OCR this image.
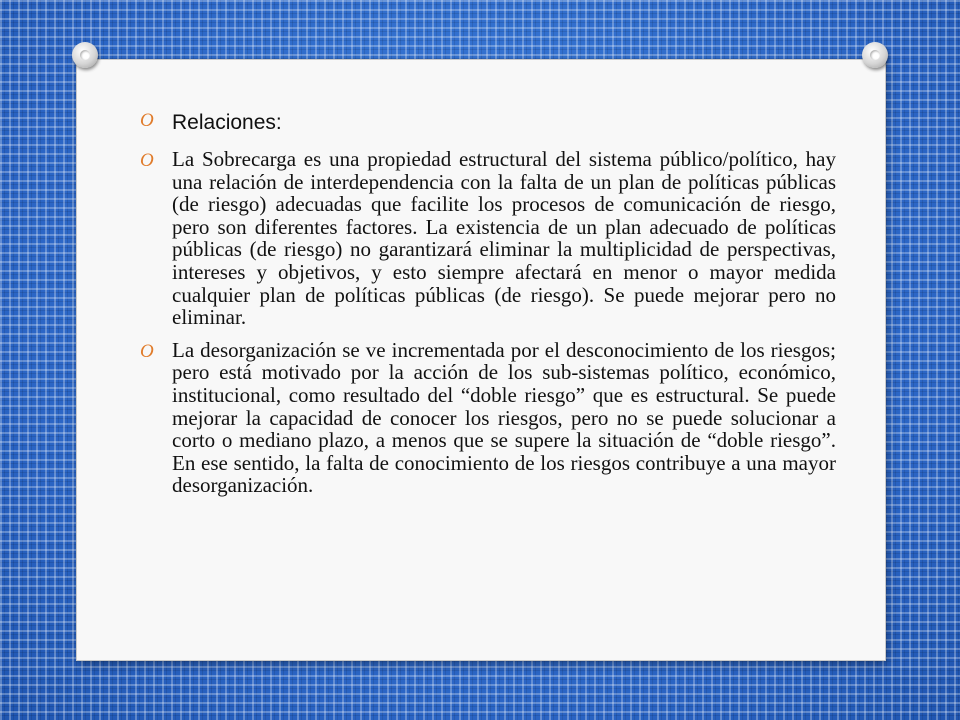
O Relaciones:
O La Sobrecarga es una propiedad estructural del sistema público/político, hay una relación de interdependencia con la falta de un plan de políticas públicas (de riesgo) adecuadas que facilite los procesos de comunicación de riesgo, pero son diferentes factores. La existencia de un plan adecuado de políticas públicas (de riesgo) no garantizará eliminar la multiplicidad de perspectivas, intereses y objetivos, y esto siempre afectará en menor o mayor medida cualquier plan de políticas públicas (de riesgo). Se puede mejorar pero no eliminar.

O La desorganización se ve incrementada por el desconocimiento de los riesgos; pero está motivado por la acción de los sub-sistemas político, económico, institucional, como resultado del “doble riesgo” que es estructural. Se puede mejorar la capacidad de conocer los riesgos, pero no se puede solucionar a corto o mediano plazo, a menos que se supere la situación de “doble riesgo”. En ese sentido, la falta de conocimiento de los riesgos contribuye a una mayor desorganización.
